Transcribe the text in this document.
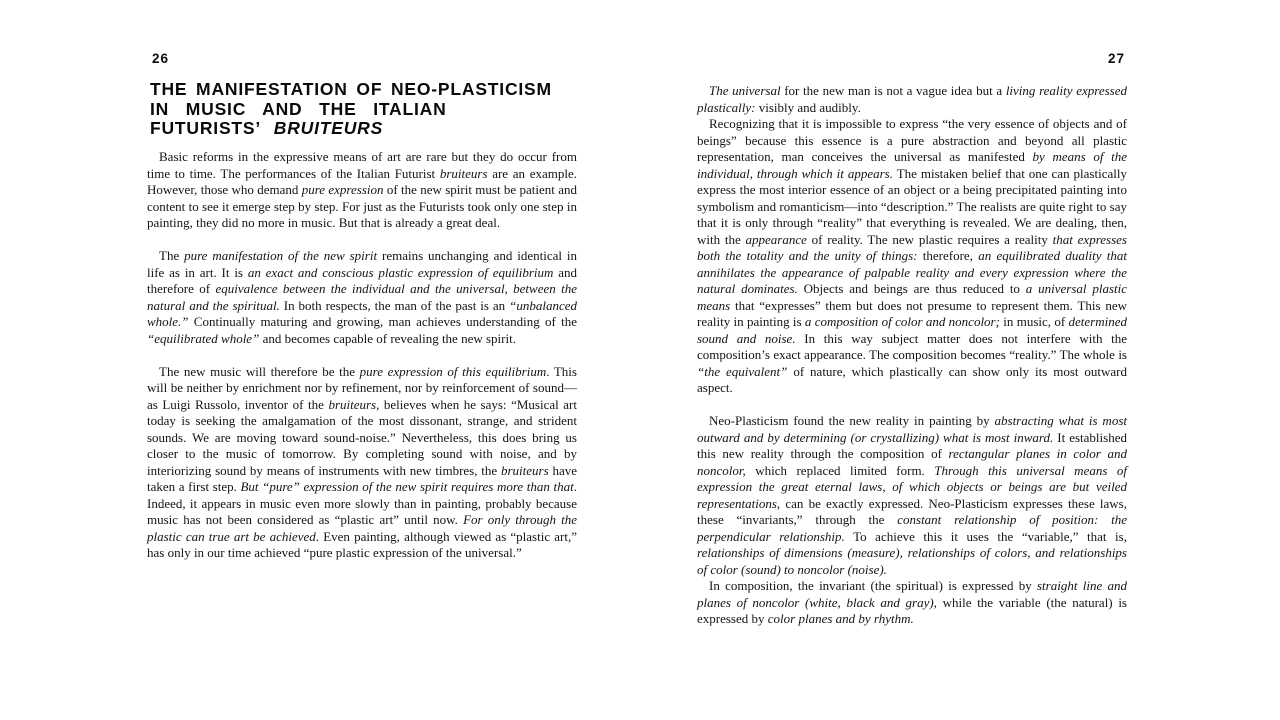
26
THE MANIFESTATION OF NEO-PLASTICISM
IN MUSIC AND THE ITALIAN
FUTURISTS’ BRUITEURS

Basic reforms in the expressive means of art are rare but they do occur from time to time. The performances of the Italian Futurist bruiteurs are an example. However, those who demand pure expression of the new spirit must be patient and content to see it emerge step by step. For just as the Futurists took only one step in painting, they did no more in music. But that is already a great deal.

The pure manifestation of the new spirit remains unchanging and identical in life as in art. It is an exact and conscious plastic expression of equilibrium and therefore of equivalence between the individual and the universal, between the natural and the spiritual. In both respects, the man of the past is an “unbalanced whole.” Continually maturing and growing, man achieves understanding of the “equilibrated whole” and becomes capable of revealing the new spirit.

The new music will therefore be the pure expression of this equilibrium. This will be neither by enrichment nor by refinement, nor by reinforcement of sound—as Luigi Russolo, inventor of the bruiteurs, believes when he says: “Musical art today is seeking the amalgamation of the most dissonant, strange, and strident sounds. We are moving toward sound-noise.” Nevertheless, this does bring us closer to the music of tomorrow. By completing sound with noise, and by interiorizing sound by means of instruments with new timbres, the bruiteurs have taken a first step. But “pure” expression of the new spirit requires more than that. Indeed, it appears in music even more slowly than in painting, probably because music has not been considered as “plastic art” until now. For only through the plastic can true art be achieved. Even painting, although viewed as “plastic art,” has only in our time achieved “pure plastic expression of the universal.”

27

The universal for the new man is not a vague idea but a living reality expressed plastically: visibly and audibly.

Recognizing that it is impossible to express “the very essence of objects and of beings” because this essence is a pure abstraction and beyond all plastic representation, man conceives the universal as manifested by means of the individual, through which it appears. The mistaken belief that one can plastically express the most interior essence of an object or a being precipitated painting into symbolism and romanticism—into “description.” The realists are quite right to say that it is only through “reality” that everything is revealed. We are dealing, then, with the appearance of reality. The new plastic requires a reality that expresses both the totality and the unity of things: therefore, an equilibrated duality that annihilates the appearance of palpable reality and every expression where the natural dominates. Objects and beings are thus reduced to a universal plastic means that “expresses” them but does not presume to represent them. This new reality in painting is a composition of color and noncolor; in music, of determined sound and noise. In this way subject matter does not interfere with the composition’s exact appearance. The composition becomes “reality.” The whole is “the equivalent” of nature, which plastically can show only its most outward aspect.

Neo-Plasticism found the new reality in painting by abstracting what is most outward and by determining (or crystallizing) what is most inward. It established this new reality through the composition of rectangular planes in color and noncolor, which replaced limited form. Through this universal means of expression the great eternal laws, of which objects or beings are but veiled representations, can be exactly expressed. Neo-Plasticism expresses these laws, these “invariants,” through the constant relationship of position: the perpendicular relationship. To achieve this it uses the “variable,” that is, relationships of dimensions (measure), relationships of colors, and relationships of color (sound) to noncolor (noise).

In composition, the invariant (the spiritual) is expressed by straight line and planes of noncolor (white, black and gray), while the variable (the natural) is expressed by color planes and by rhythm.
